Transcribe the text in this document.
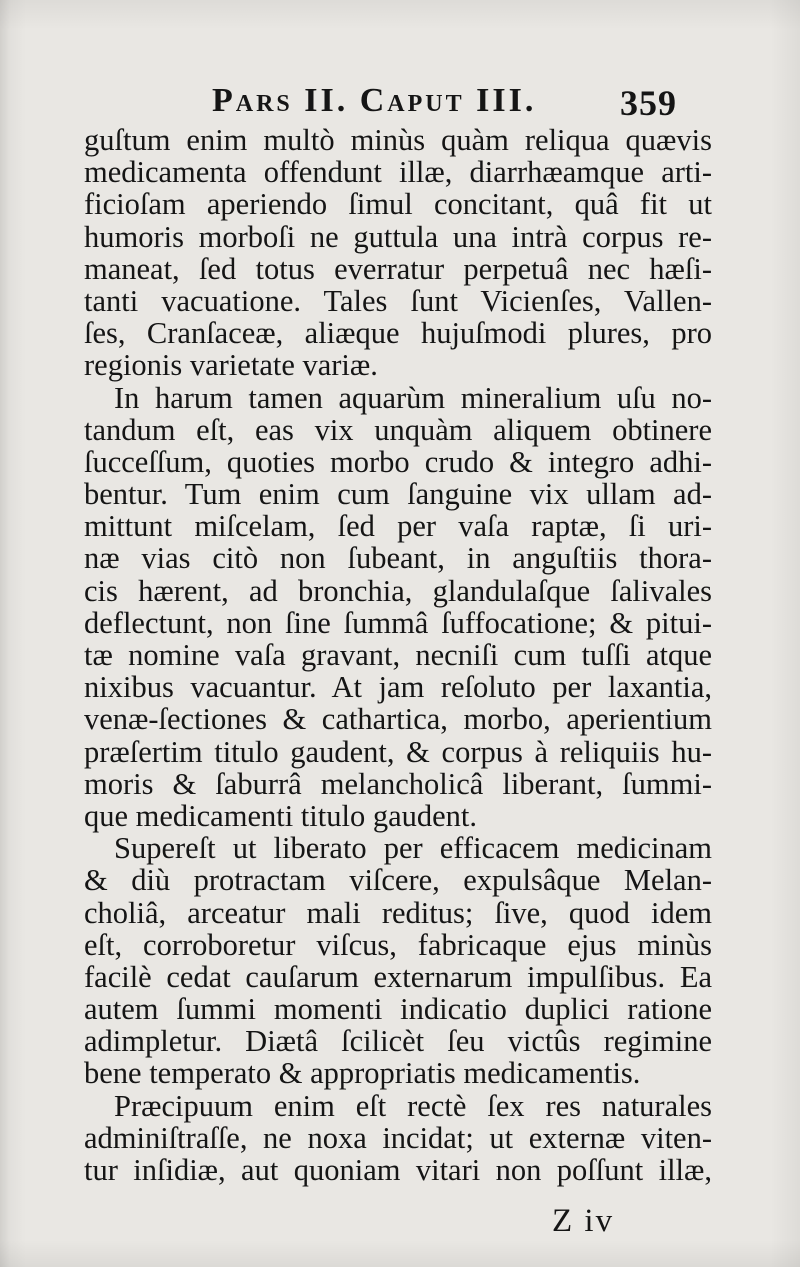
Pars II. Caput III. 359
guſtum enim multò minùs quàm reliqua quævis
medicamenta offendunt illæ, diarrhæamque arti-
ficioſam aperiendo ſimul concitant, quâ fit ut
humoris morboſi ne guttula una intrà corpus re-
maneat, ſed totus everratur perpetuâ nec hæſi-
tanti vacuatione. Tales ſunt Vicienſes, Vallen-
ſes, Cranſaceæ, aliæque hujuſmodi plures, pro
regionis varietate variæ.
In harum tamen aquarùm mineralium uſu no-
tandum eſt, eas vix unquàm aliquem obtinere
ſucceſſum, quoties morbo crudo & integro adhi-
bentur. Tum enim cum ſanguine vix ullam ad-
mittunt miſcelam, ſed per vaſa raptæ, ſi uri-
næ vias citò non ſubeant, in anguſtiis thora-
cis hærent, ad bronchia, glandulaſque ſalivales
deflectunt, non ſine ſummâ ſuffocatione; & pitui-
tæ nomine vaſa gravant, necniſi cum tuſſi atque
nixibus vacuantur. At jam reſoluto per laxantia,
venæ-ſectiones & cathartica, morbo, aperientium
præſertim titulo gaudent, & corpus à reliquiis hu-
moris & ſaburrâ melancholicâ liberant, ſummi-
que medicamenti titulo gaudent.
Supereſt ut liberato per efficacem medicinam
& diù protractam viſcere, expulsâque Melan-
choliâ, arceatur mali reditus; ſive, quod idem
eſt, corroboretur viſcus, fabricaque ejus minùs
facilè cedat cauſarum externarum impulſibus. Ea
autem ſummi momenti indicatio duplici ratione
adimpletur. Diætâ ſcilicèt ſeu victûs regimine
bene temperato & appropriatis medicamentis.
Præcipuum enim eſt rectè ſex res naturales
adminiſtraſſe, ne noxa incidat; ut externæ viten-
tur inſidiæ, aut quoniam vitari non poſſunt illæ,
Z iv
